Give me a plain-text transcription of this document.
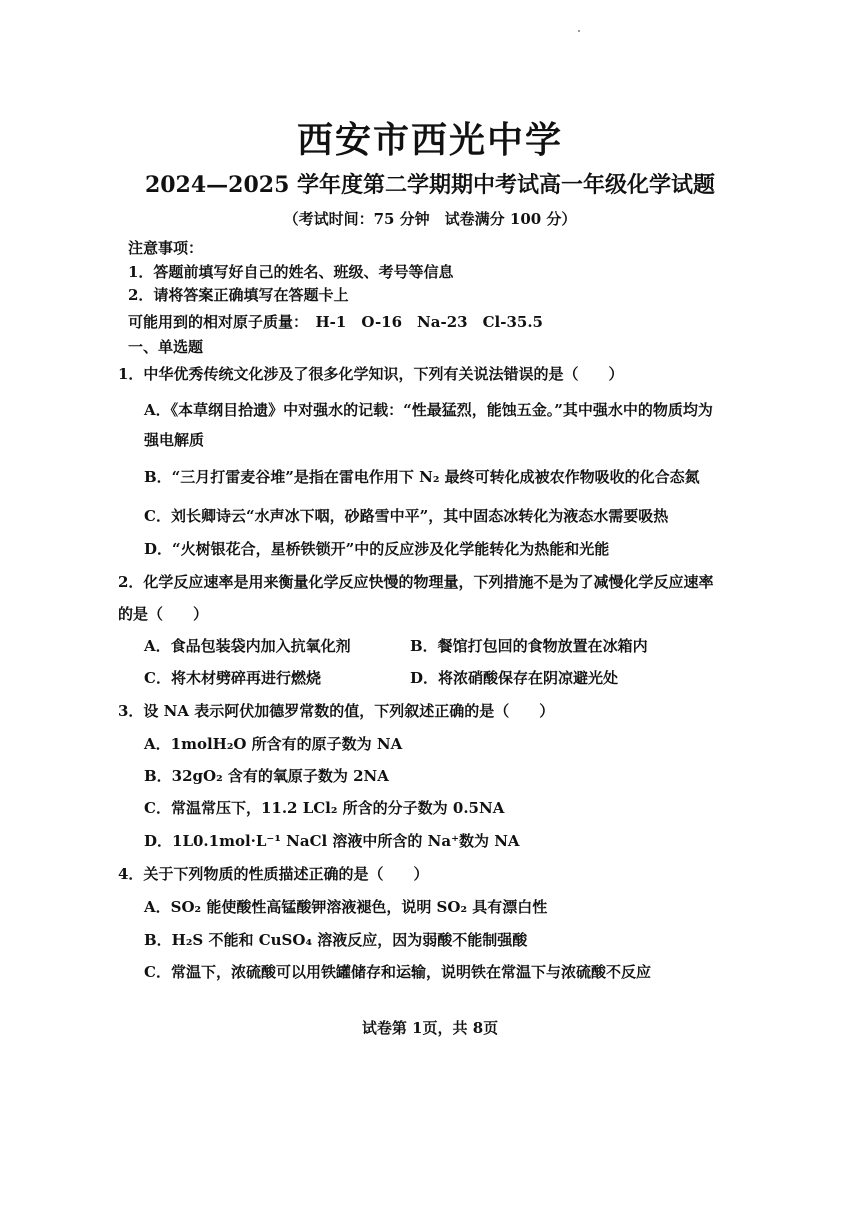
西安市西光中学
2024—2025 学年度第二学期期中考试高一年级化学试题
（考试时间：75 分钟　试卷满分 100 分）
注意事项：
1．答题前填写好自己的姓名、班级、考号等信息
2．请将答案正确填写在答题卡上
可能用到的相对原子质量：　H-1　O-16　Na-23　Cl-35.5
一、单选题
1．中华优秀传统文化涉及了很多化学知识，下列有关说法错误的是（　　）
A．《本草纲目拾遗》中对强水的记载：“性最猛烈，能蚀五金。”其中强水中的物质均为
强电解质
B．“三月打雷麦谷堆”是指在雷电作用下 N₂ 最终可转化成被农作物吸收的化合态氮
C．刘长卿诗云“水声冰下咽，砂路雪中平”，其中固态冰转化为液态水需要吸热
D．“火树银花合，星桥铁锁开”中的反应涉及化学能转化为热能和光能
2．化学反应速率是用来衡量化学反应快慢的物理量，下列措施不是为了减慢化学反应速率
的是（　　）
A．食品包装袋内加入抗氧化剂	B．餐馆打包回的食物放置在冰箱内
C．将木材劈碎再进行燃烧	D．将浓硝酸保存在阴凉避光处
3．设 NA 表示阿伏加德罗常数的值，下列叙述正确的是（　　）
A．1molH₂O 所含有的原子数为 NA
B．32gO₂ 含有的氧原子数为 2NA
C．常温常压下，11.2 LCl₂ 所含的分子数为 0.5NA
D．1L0.1mol·L⁻¹ NaCl 溶液中所含的 Na⁺数为 NA
4．关于下列物质的性质描述正确的是（　　）
A．SO₂ 能使酸性高锰酸钾溶液褪色，说明 SO₂ 具有漂白性
B．H₂S 不能和 CuSO₄ 溶液反应，因为弱酸不能制强酸
C．常温下，浓硫酸可以用铁罐储存和运输，说明铁在常温下与浓硫酸不反应
试卷第 1页，共 8页
